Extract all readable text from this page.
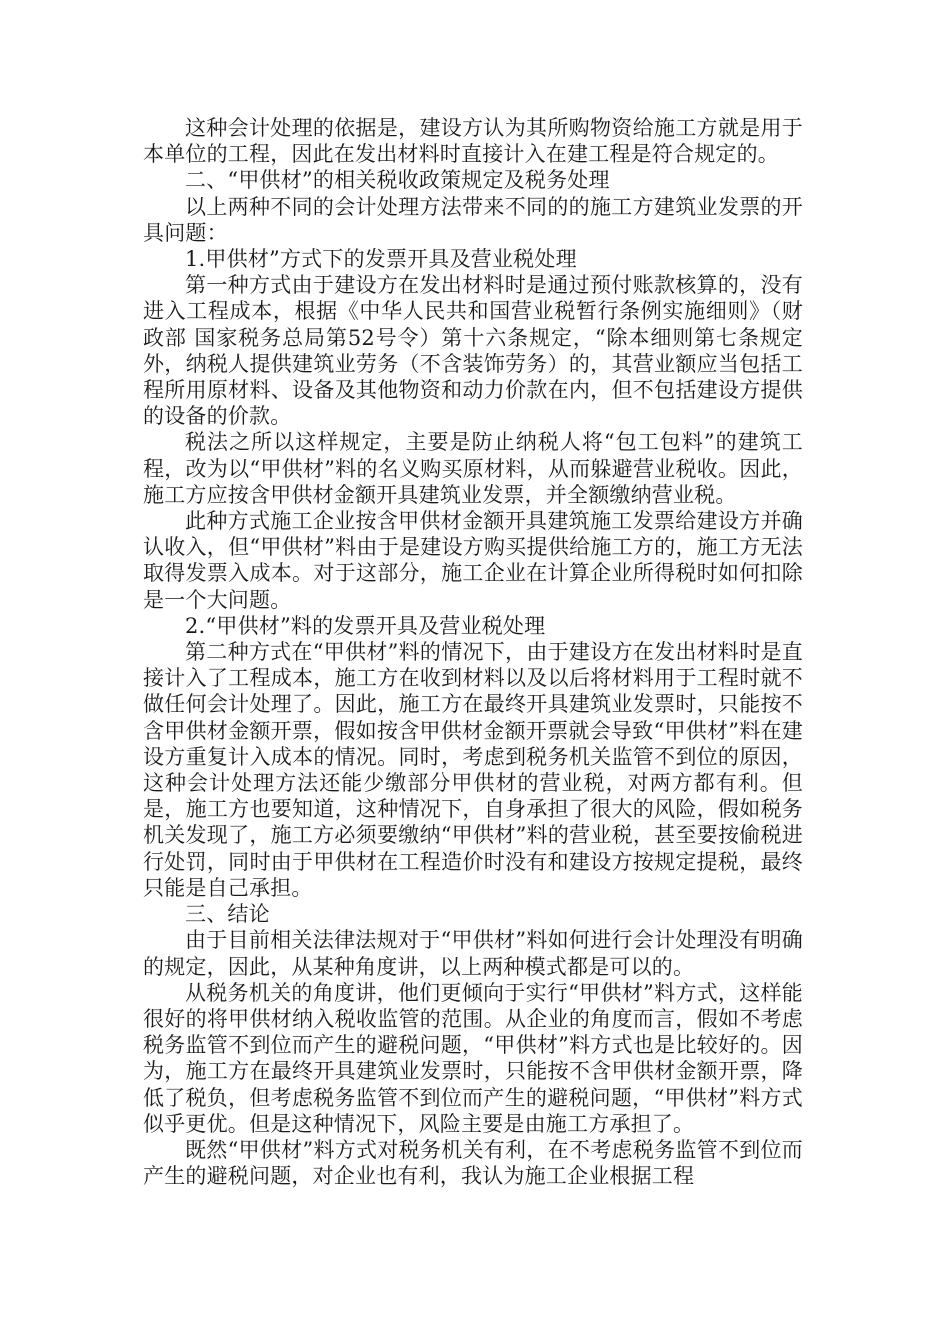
这种会计处理的依据是，建设方认为其所购物资给施工方就是用于本单位的工程，因此在发出材料时直接计入在建工程是符合规定的。

二、“甲供材”的相关税收政策规定及税务处理

以上两种不同的会计处理方法带来不同的的施工方建筑业发票的开具问题：

1.甲供材”方式下的发票开具及营业税处理

第一种方式由于建设方在发出材料时是通过预付账款核算的，没有进入工程成本，根据《中华人民共和国营业税暂行条例实施细则》（财政部 国家税务总局第52号令）第十六条规定，“除本细则第七条规定外，纳税人提供建筑业劳务（不含装饰劳务）的，其营业额应当包括工程所用原材料、设备及其他物资和动力价款在内，但不包括建设方提供的设备的价款。

税法之所以这样规定，主要是防止纳税人将“包工包料”的建筑工程，改为以“甲供材”料的名义购买原材料，从而躲避营业税收。因此，施工方应按含甲供材金额开具建筑业发票，并全额缴纳营业税。

此种方式施工企业按含甲供材金额开具建筑施工发票给建设方并确认收入，但“甲供材”料由于是建设方购买提供给施工方的，施工方无法取得发票入成本。对于这部分，施工企业在计算企业所得税时如何扣除是一个大问题。

2.“甲供材”料的发票开具及营业税处理

第二种方式在“甲供材”料的情况下，由于建设方在发出材料时是直接计入了工程成本，施工方在收到材料以及以后将材料用于工程时就不做任何会计处理了。因此，施工方在最终开具建筑业发票时，只能按不含甲供材金额开票，假如按含甲供材金额开票就会导致“甲供材”料在建设方重复计入成本的情况。同时，考虑到税务机关监管不到位的原因，这种会计处理方法还能少缴部分甲供材的营业税，对两方都有利。但是，施工方也要知道，这种情况下，自身承担了很大的风险，假如税务机关发现了，施工方必须要缴纳“甲供材”料的营业税，甚至要按偷税进行处罚，同时由于甲供材在工程造价时没有和建设方按规定提税，最终只能是自己承担。

三、结论

由于目前相关法律法规对于“甲供材”料如何进行会计处理没有明确的规定，因此，从某种角度讲，以上两种模式都是可以的。

从税务机关的角度讲，他们更倾向于实行“甲供材”料方式，这样能很好的将甲供材纳入税收监管的范围。从企业的角度而言，假如不考虑税务监管不到位而产生的避税问题，“甲供材”料方式也是比较好的。因为，施工方在最终开具建筑业发票时，只能按不含甲供材金额开票，降低了税负，但考虑税务监管不到位而产生的避税问题，“甲供材”料方式似乎更优。但是这种情况下，风险主要是由施工方承担了。

既然“甲供材”料方式对税务机关有利，在不考虑税务监管不到位而产生的避税问题，对企业也有利，我认为施工企业根据工程
